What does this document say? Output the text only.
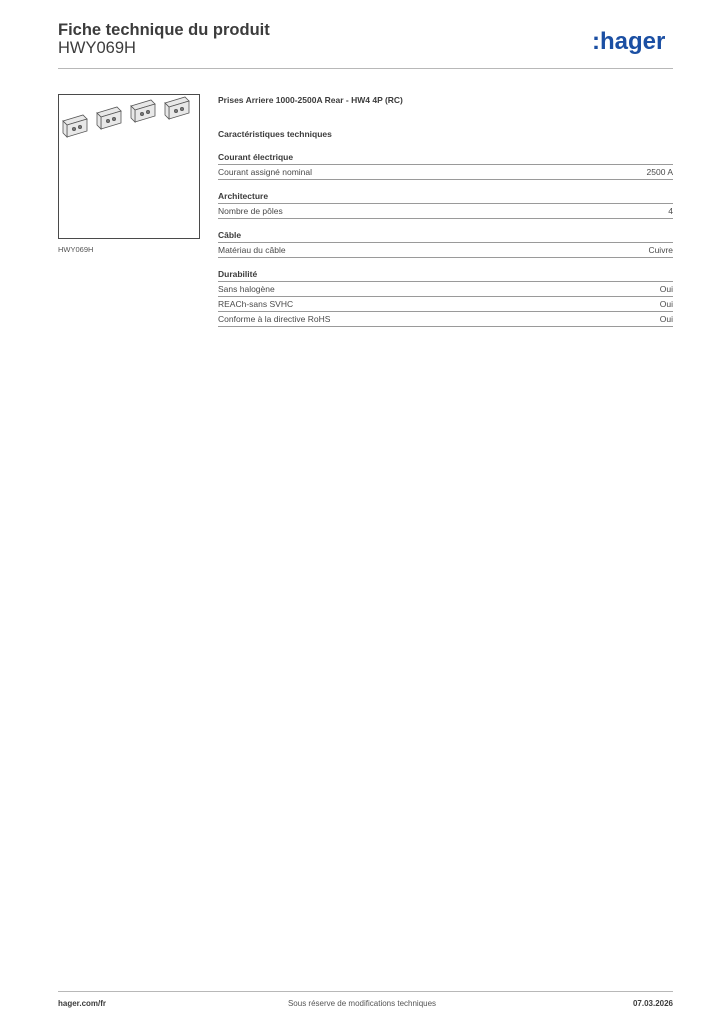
Fiche technique du produit
HWY069H	:hager
HWY069H
Prises Arriere 1000-2500A Rear - HW4 4P (RC)
Caractéristiques techniques
Courant électrique
Courant assigné nominal	2500 A
Architecture
Nombre de pôles	4
Câble
Matériau du câble	Cuivre
Durabilité
Sans halogène	Oui
REACh-sans SVHC	Oui
Conforme à la directive RoHS	Oui
hager.com/fr	Sous réserve de modifications techniques	07.03.2026
